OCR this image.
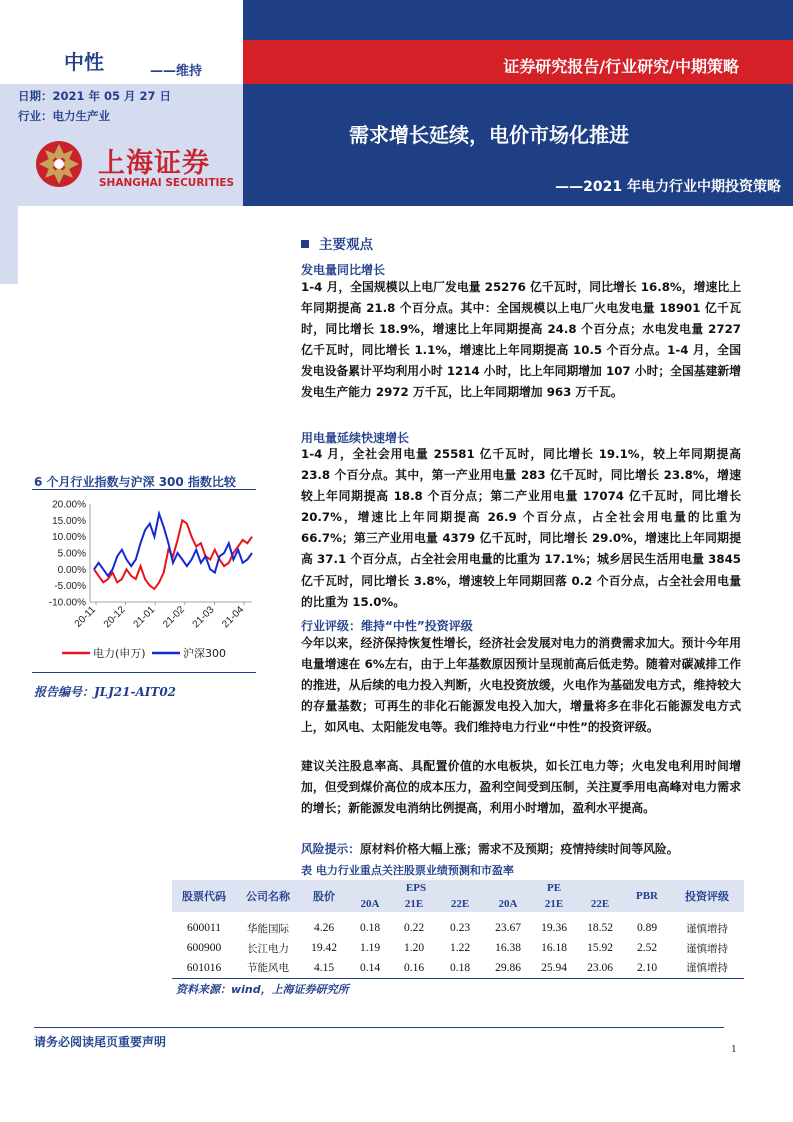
中性	——维持
日期：2021 年 05 月 27 日
行业：电力生产业
上海证券
SHANGHAI SECURITIES
证券研究报告/行业研究/中期策略
需求增长延续，电价市场化推进
——2021 年电力行业中期投资策略
6 个月行业指数与沪深 300 指数比较
20.00%
15.00%
10.00%
5.00%
0.00%
-5.00%
-10.00%
20-11 20-12 21-01 21-02 21-03 21-04
电力(申万)	沪深300
报告编号：JLJ21-AIT02
主要观点
发电量同比增长
1-4 月，全国规模以上电厂发电量 25276 亿千瓦时，同比增长 16.8%，增速比上年同期提高 21.8 个百分点。其中：全国规模以上电厂火电发电量 18901 亿千瓦时，同比增长 18.9%，增速比上年同期提高 24.8 个百分点；水电发电量 2727 亿千瓦时，同比增长 1.1%，增速比上年同期提高 10.5 个百分点。1-4 月，全国发电设备累计平均利用小时 1214 小时，比上年同期增加 107 小时；全国基建新增发电生产能力 2972 万千瓦，比上年同期增加 963 万千瓦。
用电量延续快速增长
1-4 月，全社会用电量 25581 亿千瓦时，同比增长 19.1%，较上年同期提高 23.8 个百分点。其中，第一产业用电量 283 亿千瓦时，同比增长 23.8%，增速较上年同期提高 18.8 个百分点；第二产业用电量 17074 亿千瓦时，同比增长 20.7%，增速比上年同期提高 26.9 个百分点，占全社会用电量的比重为 66.7%；第三产业用电量 4379 亿千瓦时，同比增长 29.0%，增速比上年同期提高 37.1 个百分点，占全社会用电量的比重为 17.1%；城乡居民生活用电量 3845 亿千瓦时，同比增长 3.8%，增速较上年同期回落 0.2 个百分点，占全社会用电量的比重为 15.0%。
行业评级：维持“中性”投资评级
今年以来，经济保持恢复性增长，经济社会发展对电力的消费需求加大。预计今年用电量增速在 6%左右，由于上年基数原因预计呈现前高后低走势。随着对碳减排工作的推进，从后续的电力投入判断，火电投资放缓，火电作为基础发电方式，维持较大的存量基数；可再生的非化石能源发电投入加大，增量将多在非化石能源发电方式上，如风电、太阳能发电等。我们维持电力行业“中性”的投资评级。
建议关注股息率高、具配置价值的水电板块，如长江电力等；火电发电利用时间增加，但受到煤价高位的成本压力，盈利空间受到压制，关注夏季用电高峰对电力需求的增长；新能源发电消纳比例提高，利用小时增加，盈利水平提高。
风险提示：原材料价格大幅上涨；需求不及预期；疫情持续时间等风险。
表 电力行业重点关注股票业绩预测和市盈率
股票代码	公司名称	股价	EPS			PE			PBR	投资评级
			20A	21E	22E	20A	21E	22E		
600011	华能国际	4.26	0.18	0.22	0.23	23.67	19.36	18.52	0.89	谨慎增持
600900	长江电力	19.42	1.19	1.20	1.22	16.38	16.18	15.92	2.52	谨慎增持
601016	节能风电	4.15	0.14	0.16	0.18	29.86	25.94	23.06	2.10	谨慎增持
资料来源：wind，上海证券研究所
请务必阅读尾页重要声明	1
